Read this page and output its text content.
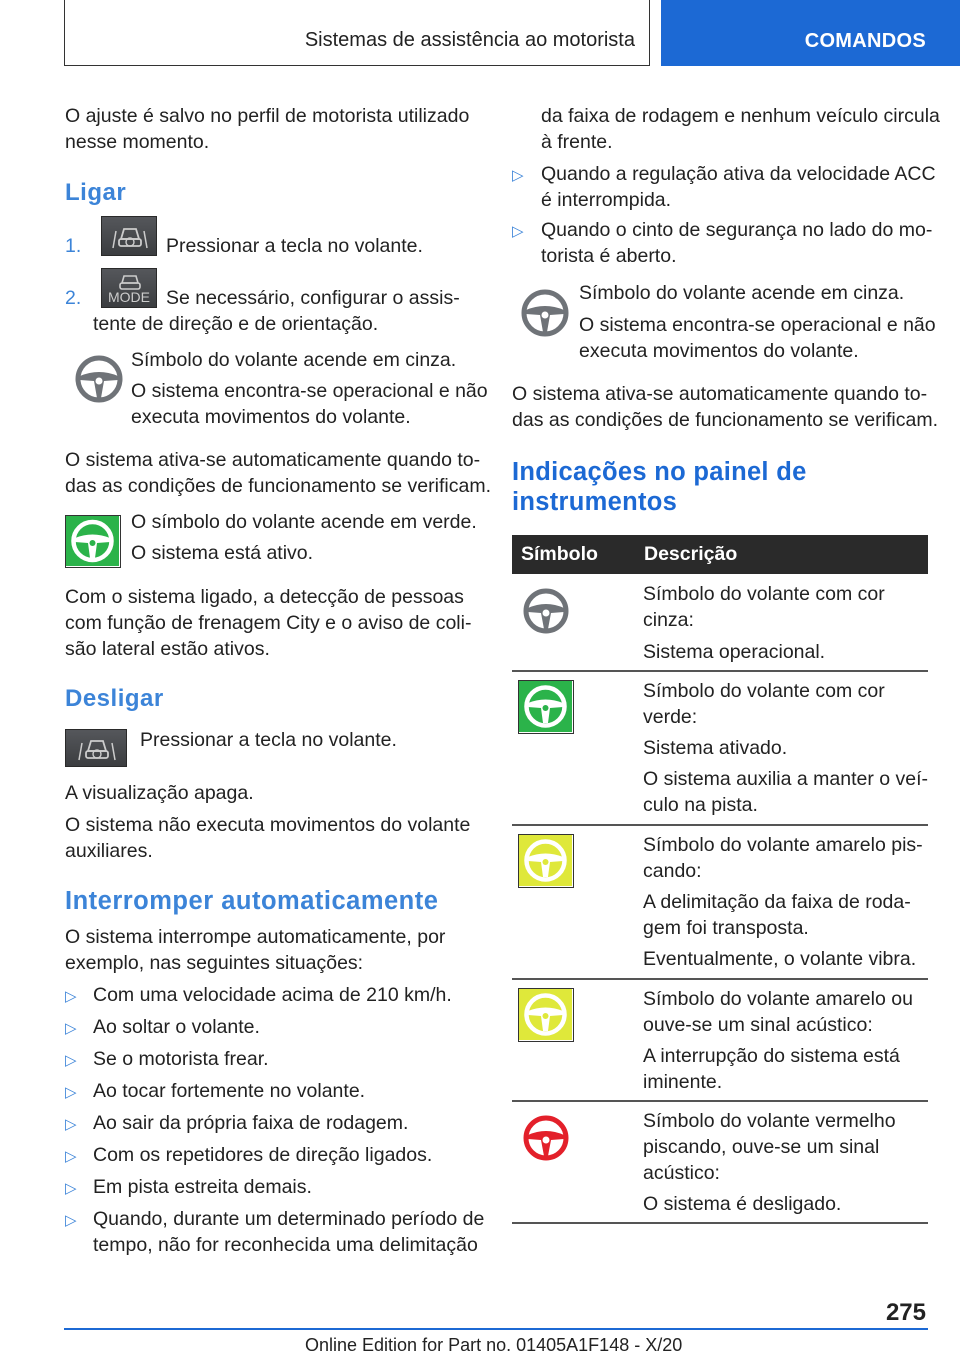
Sistemas de assistência ao motorista	COMANDOS
O ajuste é salvo no perfil de motorista utilizado
nesse momento.
Ligar
1.	Pressionar a tecla no volante.
2.	MODE Se necessário, configurar o assis-
tente de direção e de orientação.
Símbolo do volante acende em cinza.
O sistema encontra-se operacional e não
executa movimentos do volante.
O sistema ativa-se automaticamente quando to-
das as condições de funcionamento se verificam.
O símbolo do volante acende em verde.
O sistema está ativo.
Com o sistema ligado, a detecção de pessoas
com função de frenagem City e o aviso de coli-
são lateral estão ativos.
Desligar
Pressionar a tecla no volante.
A visualização apaga.
O sistema não executa movimentos do volante
auxiliares.
Interromper automaticamente
O sistema interrompe automaticamente, por
exemplo, nas seguintes situações:
▷ Com uma velocidade acima de 210 km/h.
▷ Ao soltar o volante.
▷ Se o motorista frear.
▷ Ao tocar fortemente no volante.
▷ Ao sair da própria faixa de rodagem.
▷ Com os repetidores de direção ligados.
▷ Em pista estreita demais.
▷ Quando, durante um determinado período de
tempo, não for reconhecida uma delimitação
da faixa de rodagem e nenhum veículo circula
à frente.
▷ Quando a regulação ativa da velocidade ACC
é interrompida.
▷ Quando o cinto de segurança no lado do mo-
torista é aberto.
Símbolo do volante acende em cinza.
O sistema encontra-se operacional e não
executa movimentos do volante.
O sistema ativa-se automaticamente quando to-
das as condições de funcionamento se verificam.
Indicações no painel de
instrumentos
Símbolo Descrição
Símbolo do volante com cor
cinza:
Sistema operacional.
Símbolo do volante com cor
verde:
Sistema ativado.
O sistema auxilia a manter o veí-
culo na pista.
Símbolo do volante amarelo pis-
cando:
A delimitação da faixa de roda-
gem foi transposta.
Eventualmente, o volante vibra.
Símbolo do volante amarelo ou
ouve-se um sinal acústico:
A interrupção do sistema está
iminente.
Símbolo do volante vermelho
piscando, ouve-se um sinal
acústico:
O sistema é desligado.
275
Online Edition for Part no. 01405A1F148 - X/20
